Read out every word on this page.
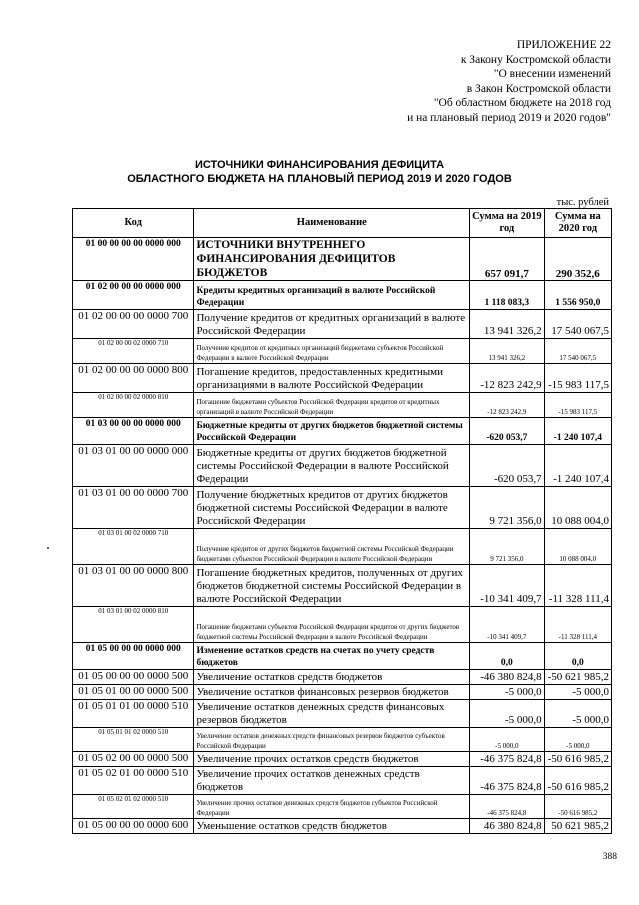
ПРИЛОЖЕНИЕ 22
к Закону Костромской области
"О внесении изменений
в Закон Костромской области
"Об областном бюджете на 2018 год
и на плановый период 2019 и 2020 годов"
ИСТОЧНИКИ ФИНАНСИРОВАНИЯ ДЕФИЦИТА
ОБЛАСТНОГО БЮДЖЕТА НА ПЛАНОВЫЙ ПЕРИОД 2019 И 2020 ГОДОВ
тыс. рублей
Код	Наименование	Сумма на 2019 год	Сумма на 2020 год
01 00 00 00 00 0000 000	ИСТОЧНИКИ ВНУТРЕННЕГО ФИНАНСИРОВАНИЯ ДЕФИЦИТОВ БЮДЖЕТОВ	657 091,7	290 352,6
01 02 00 00 00 0000 000	Кредиты кредитных организаций в валюте Российской Федерации	1 118 083,3	1 556 950,0
01 02 00 00 00 0000 700	Получение кредитов от кредитных организаций в валюте Российской Федерации	13 941 326,2	17 540 067,5
01 02 00 00 02 0000 710	Получение кредитов от кредитных организаций бюджетами субъектов Российской Федерации в валюте Российской Федерации	13 941 326,2	17 540 067,5
01 02 00 00 00 0000 800	Погашение кредитов, предоставленных кредитными организациями в валюте Российской Федерации	-12 823 242,9	-15 983 117,5
01 02 00 00 02 0000 810	Погашение бюджетами субъектов Российской Федерации кредитов от кредитных организаций в валюте Российской Федерации	-12 823 242,9	-15 983 117,5
01 03 00 00 00 0000 000	Бюджетные кредиты от других бюджетов бюджетной системы Российской Федерации	-620 053,7	-1 240 107,4
01 03 01 00 00 0000 000	Бюджетные кредиты от других бюджетов бюджетной системы Российской Федерации в валюте Российской Федерации	-620 053,7	-1 240 107,4
01 03 01 00 00 0000 700	Получение бюджетных кредитов от других бюджетов бюджетной системы Российской Федерации в валюте Российской Федерации	9 721 356,0	10 088 004,0
01 03 01 00 02 0000 710	Получение кредитов от других бюджетов бюджетной системы Российской Федерации бюджетами субъектов Российской Федерации в валюте Российской Федерации	9 721 356,0	10 088 004,0
01 03 01 00 00 0000 800	Погашение бюджетных кредитов, полученных от других бюджетов бюджетной системы Российской Федерации в валюте Российской Федерации	-10 341 409,7	-11 328 111,4
01 03 01 00 02 0000 810	Погашение бюджетами субъектов Российской Федерации кредитов от других бюджетов бюджетной системы Российской Федерации в валюте Российской Федерации	-10 341 409,7	-11 328 111,4
01 05 00 00 00 0000 000	Изменение остатков средств на счетах по учету средств бюджетов	0,0	0,0
01 05 00 00 00 0000 500	Увеличение остатков средств бюджетов	-46 380 824,8	-50 621 985,2
01 05 01 00 00 0000 500	Увеличение остатков финансовых резервов бюджетов	-5 000,0	-5 000,0
01 05 01 01 00 0000 510	Увеличение остатков денежных средств финансовых резервов бюджетов	-5 000,0	-5 000,0
01 05 01 01 02 0000 510	Увеличение остатков денежных средств финансовых резервов бюджетов субъектов Российской Федерации	-5 000,0	-5 000,0
01 05 02 00 00 0000 500	Увеличение прочих остатков средств бюджетов	-46 375 824,8	-50 616 985,2
01 05 02 01 00 0000 510	Увеличение прочих остатков денежных средств бюджетов	-46 375 824,8	-50 616 985,2
01 05 02 01 02 0000 510	Увеличение прочих остатков денежных средств бюджетов субъектов Российской Федерации	-46 375 824,8	-50 616 985,2
01 05 00 00 00 0000 600	Уменьшение остатков средств бюджетов	46 380 824,8	50 621 985,2
388
